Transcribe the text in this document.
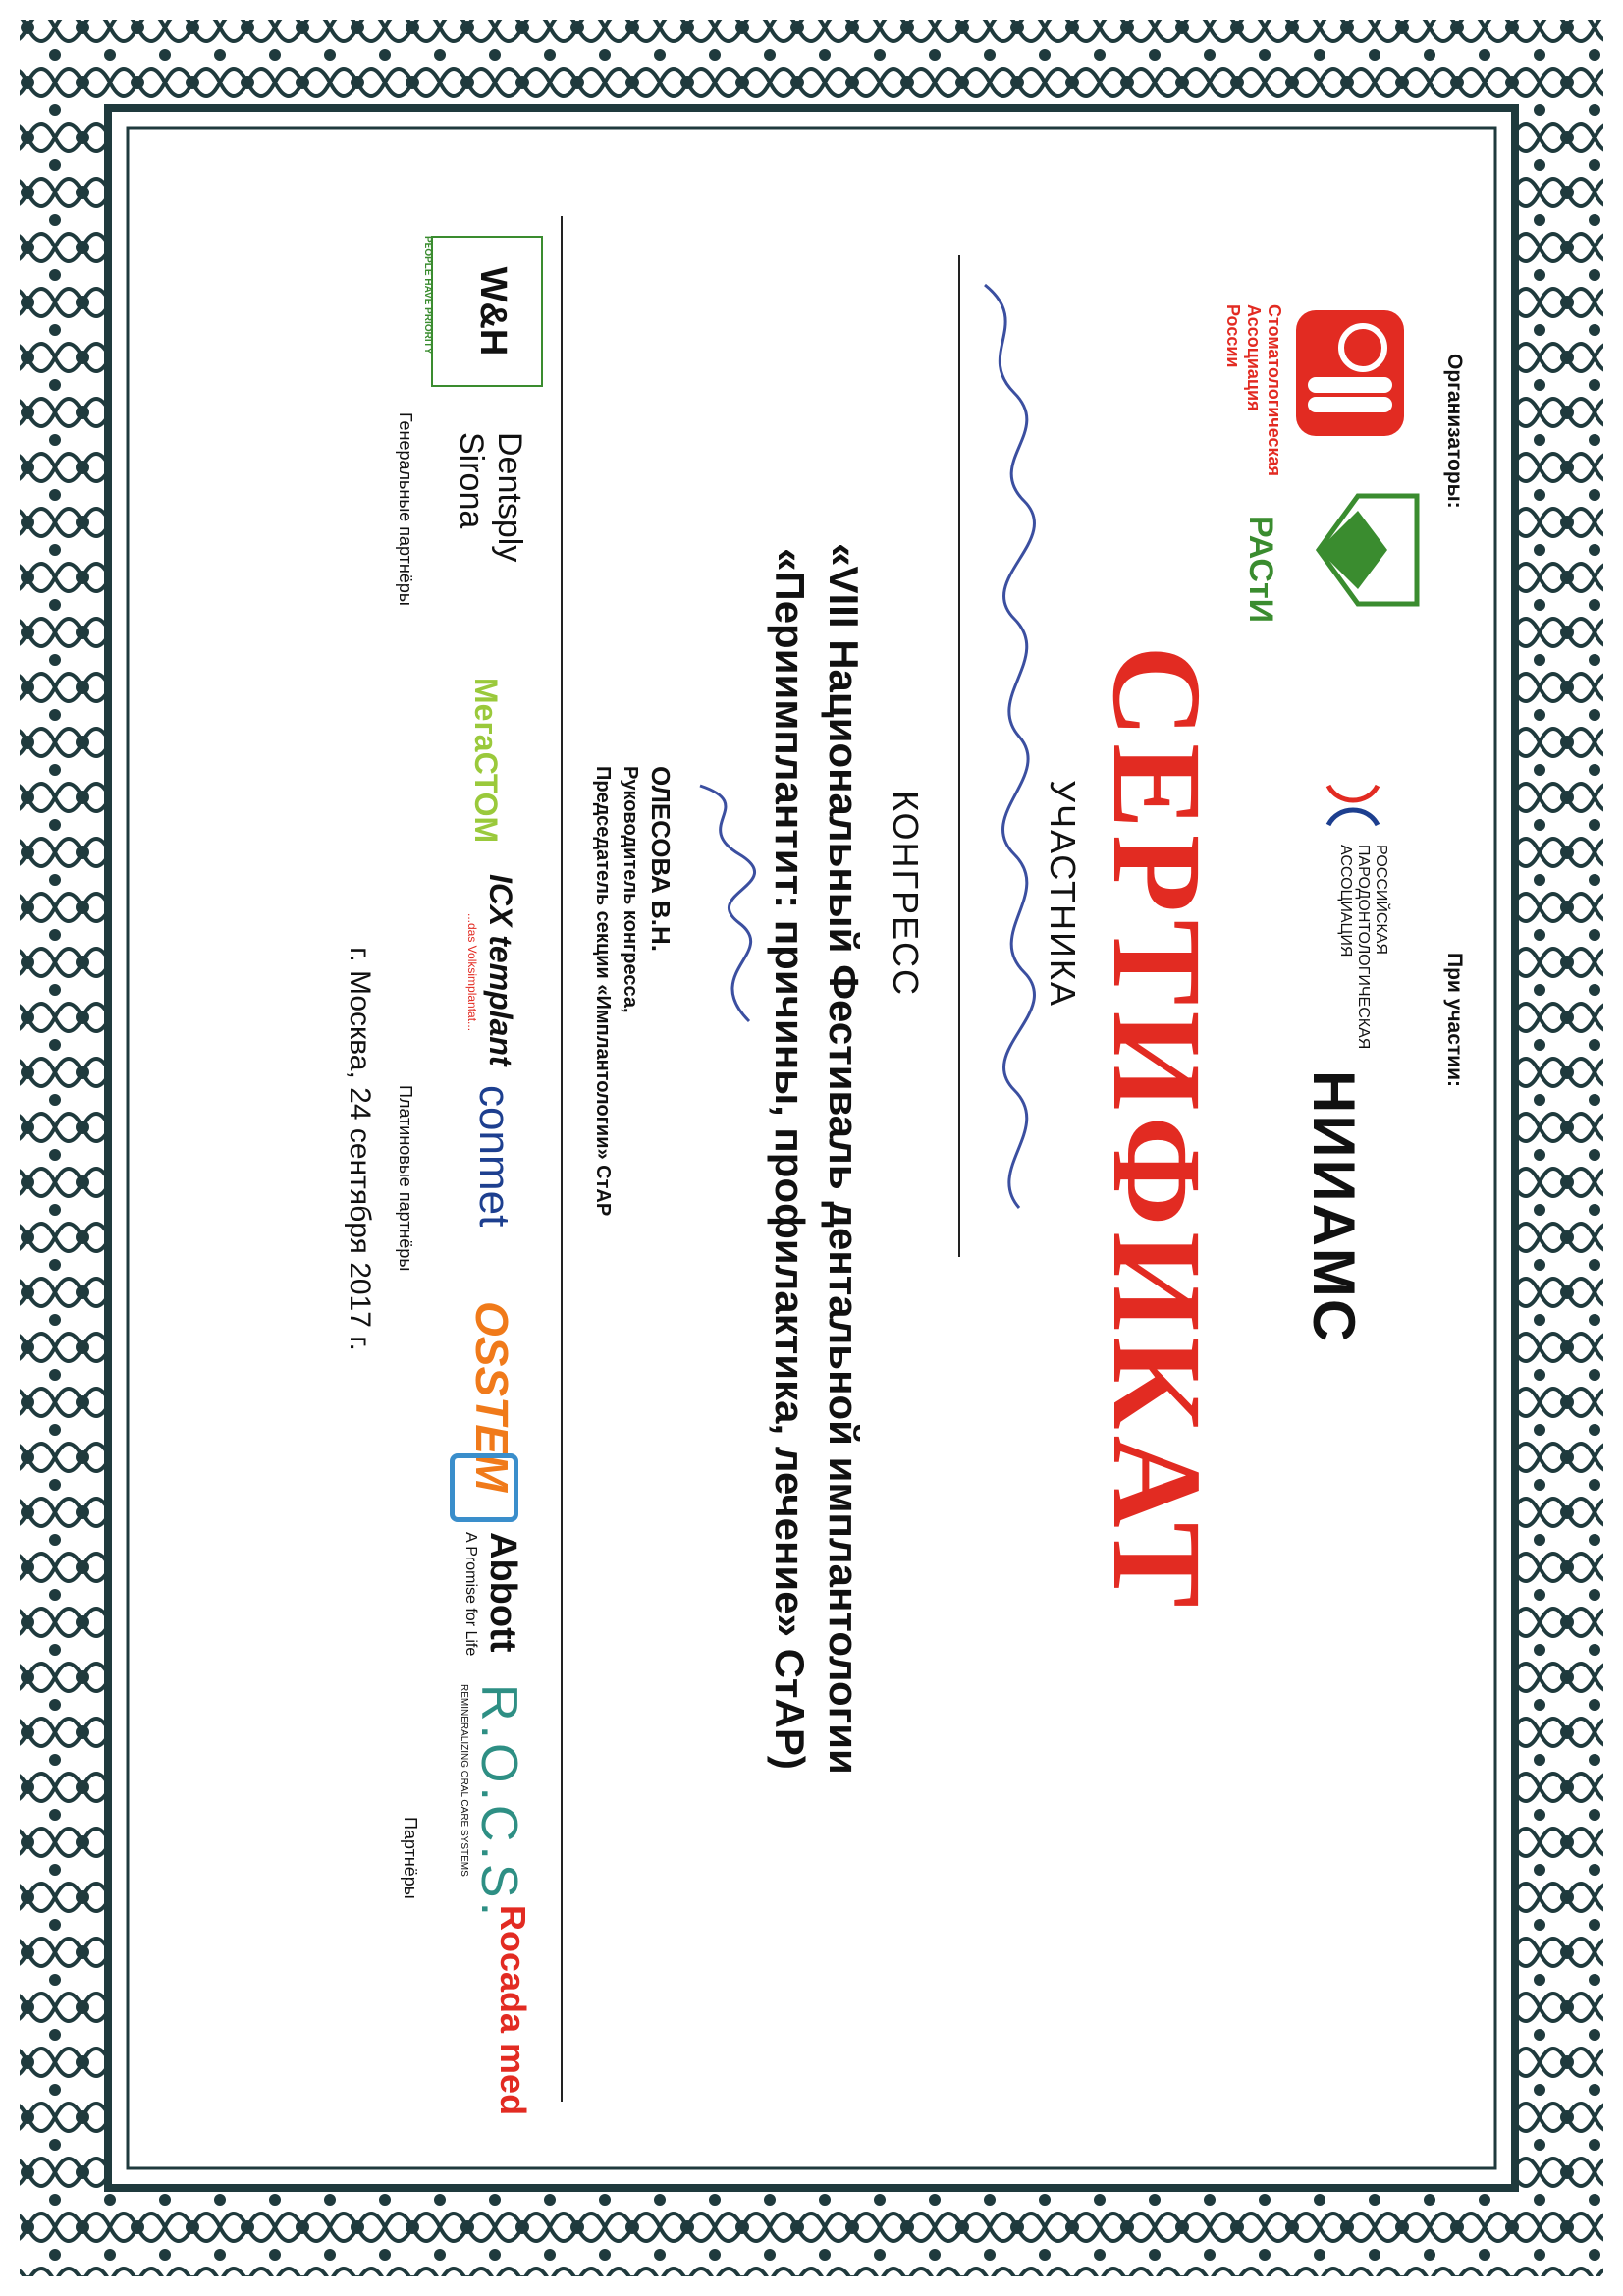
Организаторы:
Стоматологическая Ассоциация России
РАСтИ
При участии:
РОССИЙСКАЯ ПАРОДОНТОЛОГИЧЕСКАЯ АССОЦИАЦИЯ
НИИАМС
СЕРТИФИКАТ
УЧАСТНИКА
КОНГРЕСС
«VIII Национальный Фестиваль дентальной имплантологии
«Периимплантит: причины, профилактика, лечение» СтАР)
ОЛЕСОВА В.Н.
Руководитель конгресса,
Председатель секции «Имплантологии» СтАР
W&H
PEOPLE HAVE PRIORITY
Dentsply Sirona
Генеральные партнёры
МегаСТОМ
ICX templant
...das Volksimplantat...
conmet
OSSTEM
Платиновые партнёры
Abbott
A Promise for Life
R.O.C.S.
REMINERALIZING ORAL CARE SYSTEMS
Rocada med
Партнёры
г. Москва, 24 сентября 2017 г.
